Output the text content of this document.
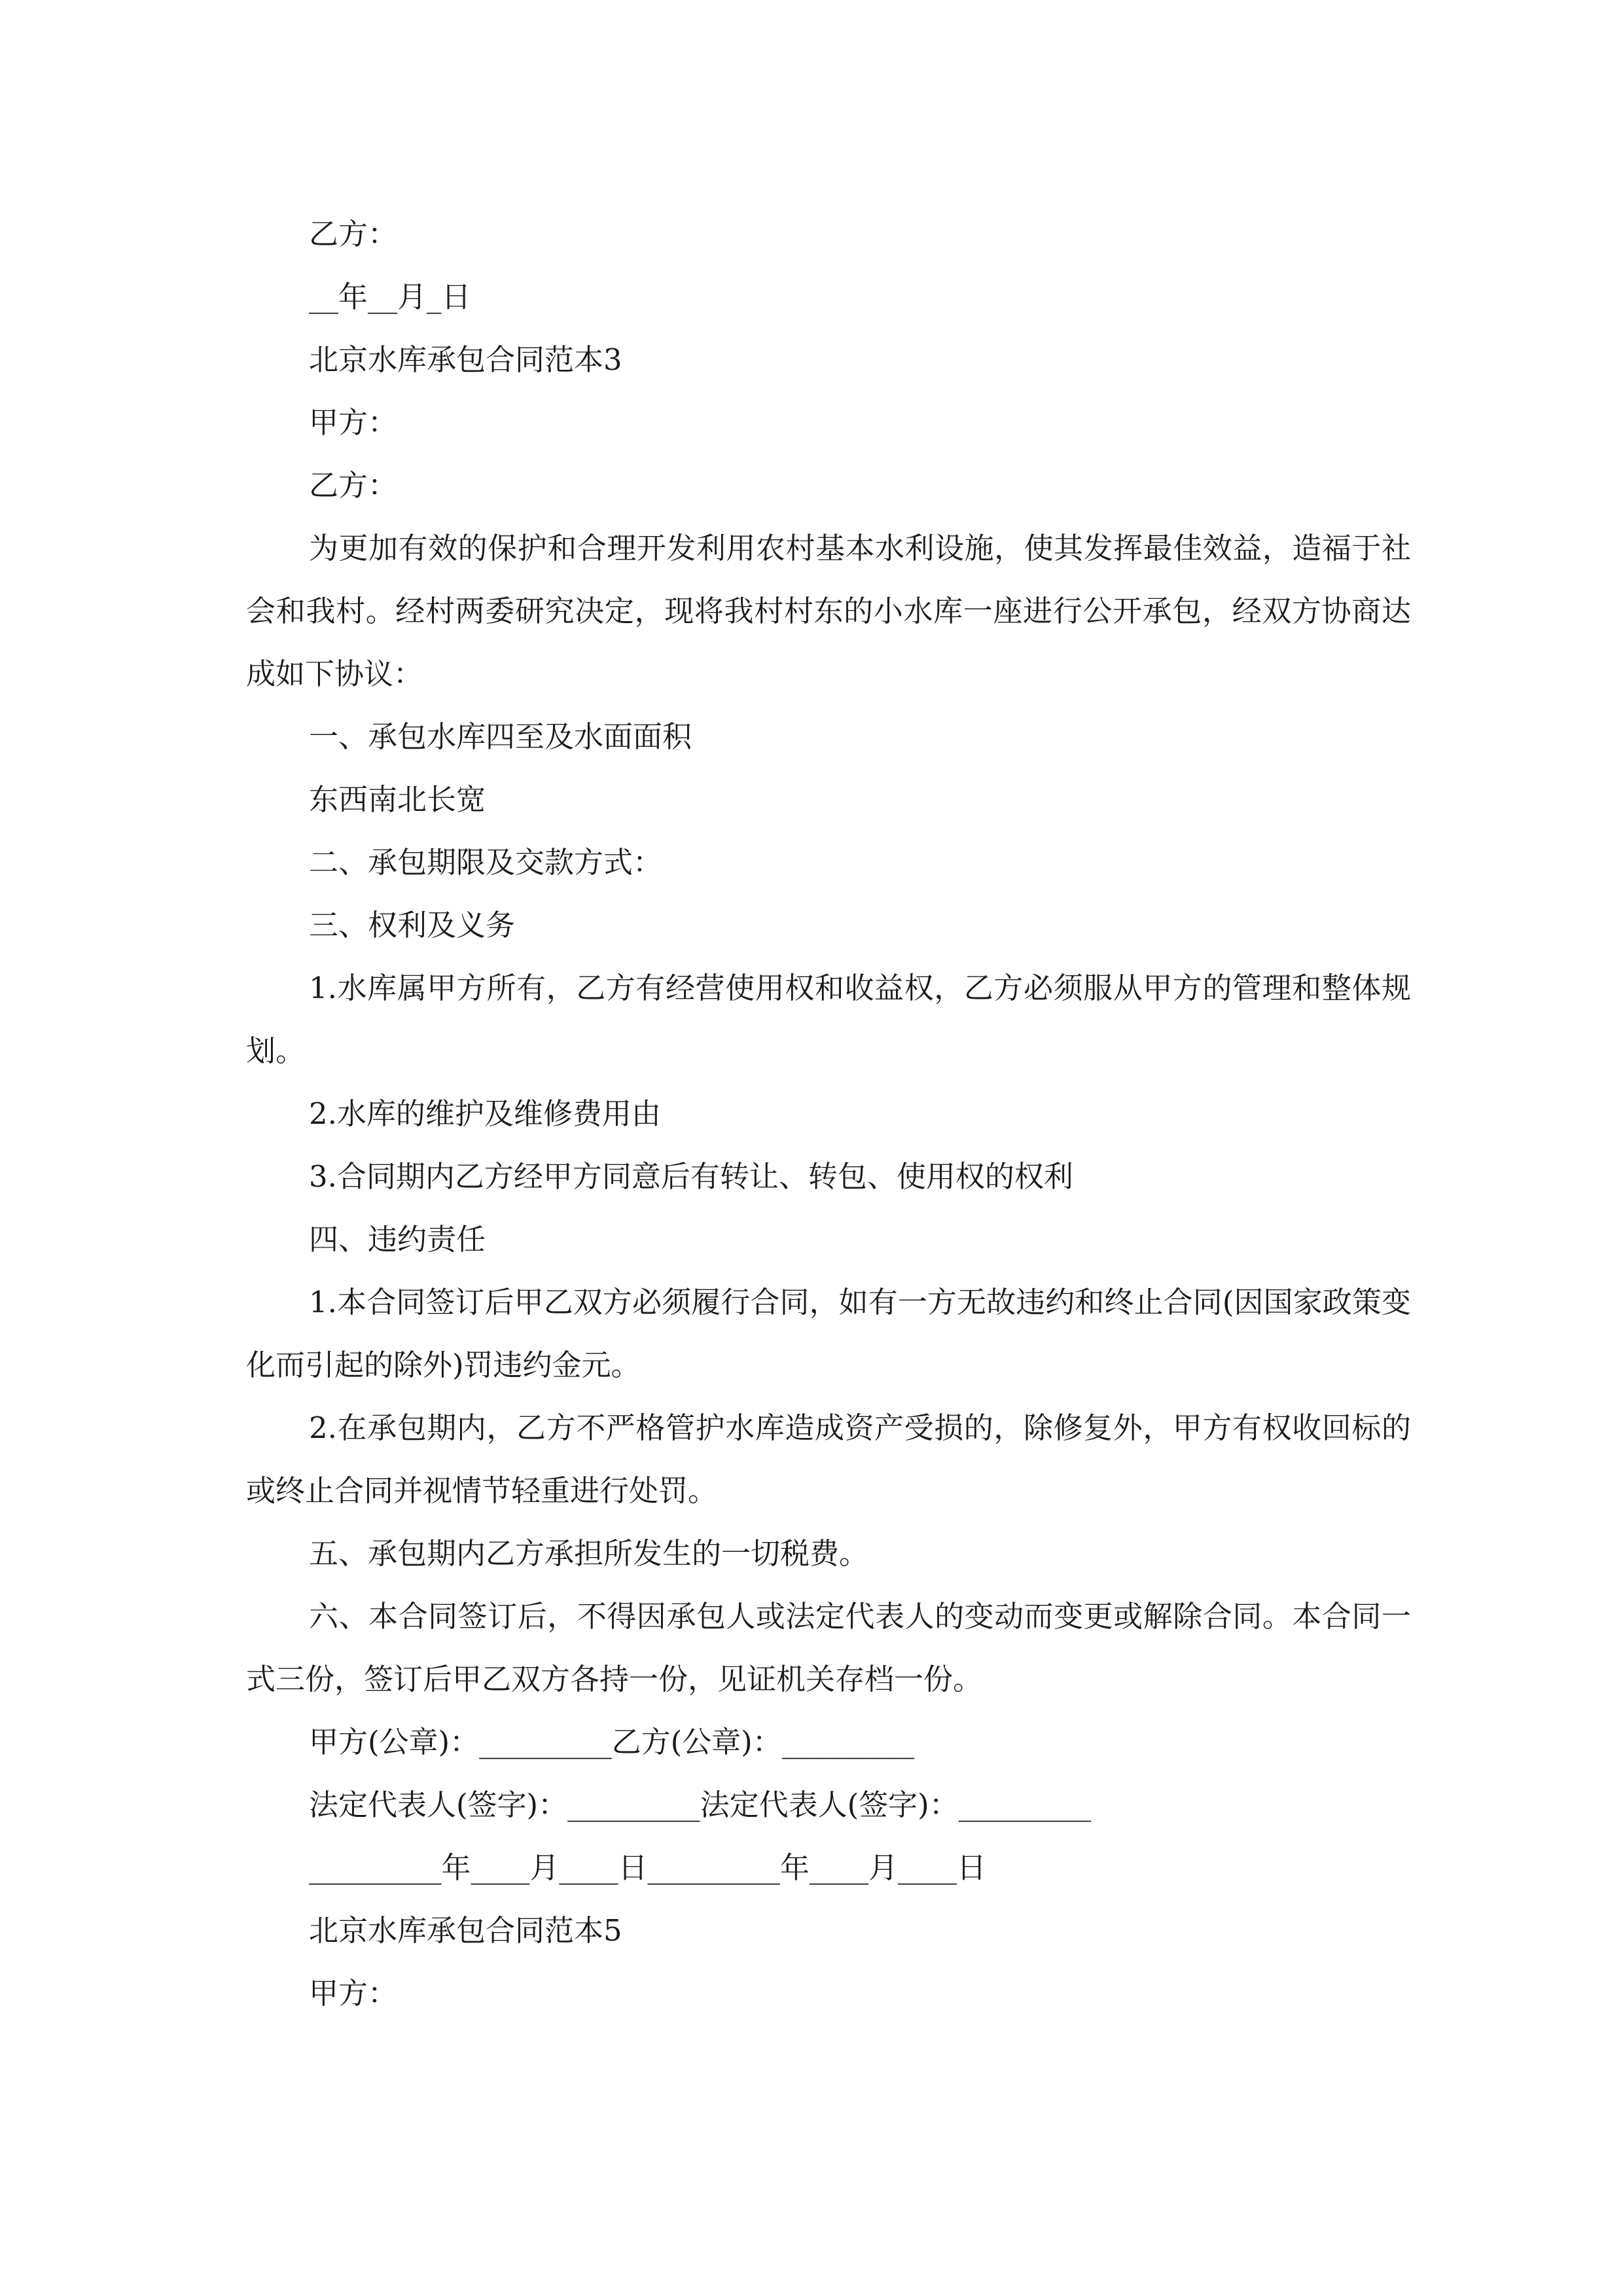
乙方：
__年__月_日
北京水库承包合同范本3
甲方：
乙方：
为更加有效的保护和合理开发利用农村基本水利设施，使其发挥最佳效益，造福于社会和我村。经村两委研究决定，现将我村村东的小水库一座进行公开承包，经双方协商达成如下协议：
一、承包水库四至及水面面积
东西南北长宽
二、承包期限及交款方式：
三、权利及义务
1.水库属甲方所有，乙方有经营使用权和收益权，乙方必须服从甲方的管理和整体规划。
2.水库的维护及维修费用由
3.合同期内乙方经甲方同意后有转让、转包、使用权的权利
四、违约责任
1.本合同签订后甲乙双方必须履行合同，如有一方无故违约和终止合同(因国家政策变化而引起的除外)罚违约金元。
2.在承包期内，乙方不严格管护水库造成资产受损的，除修复外，甲方有权收回标的或终止合同并视情节轻重进行处罚。
五、承包期内乙方承担所发生的一切税费。
六、本合同签订后，不得因承包人或法定代表人的变动而变更或解除合同。本合同一式三份，签订后甲乙双方各持一份，见证机关存档一份。
甲方(公章)：_________乙方(公章)：_________
法定代表人(签字)：_________法定代表人(签字)：_________
_________年____月____日_________年____月____日
北京水库承包合同范本5
甲方：
